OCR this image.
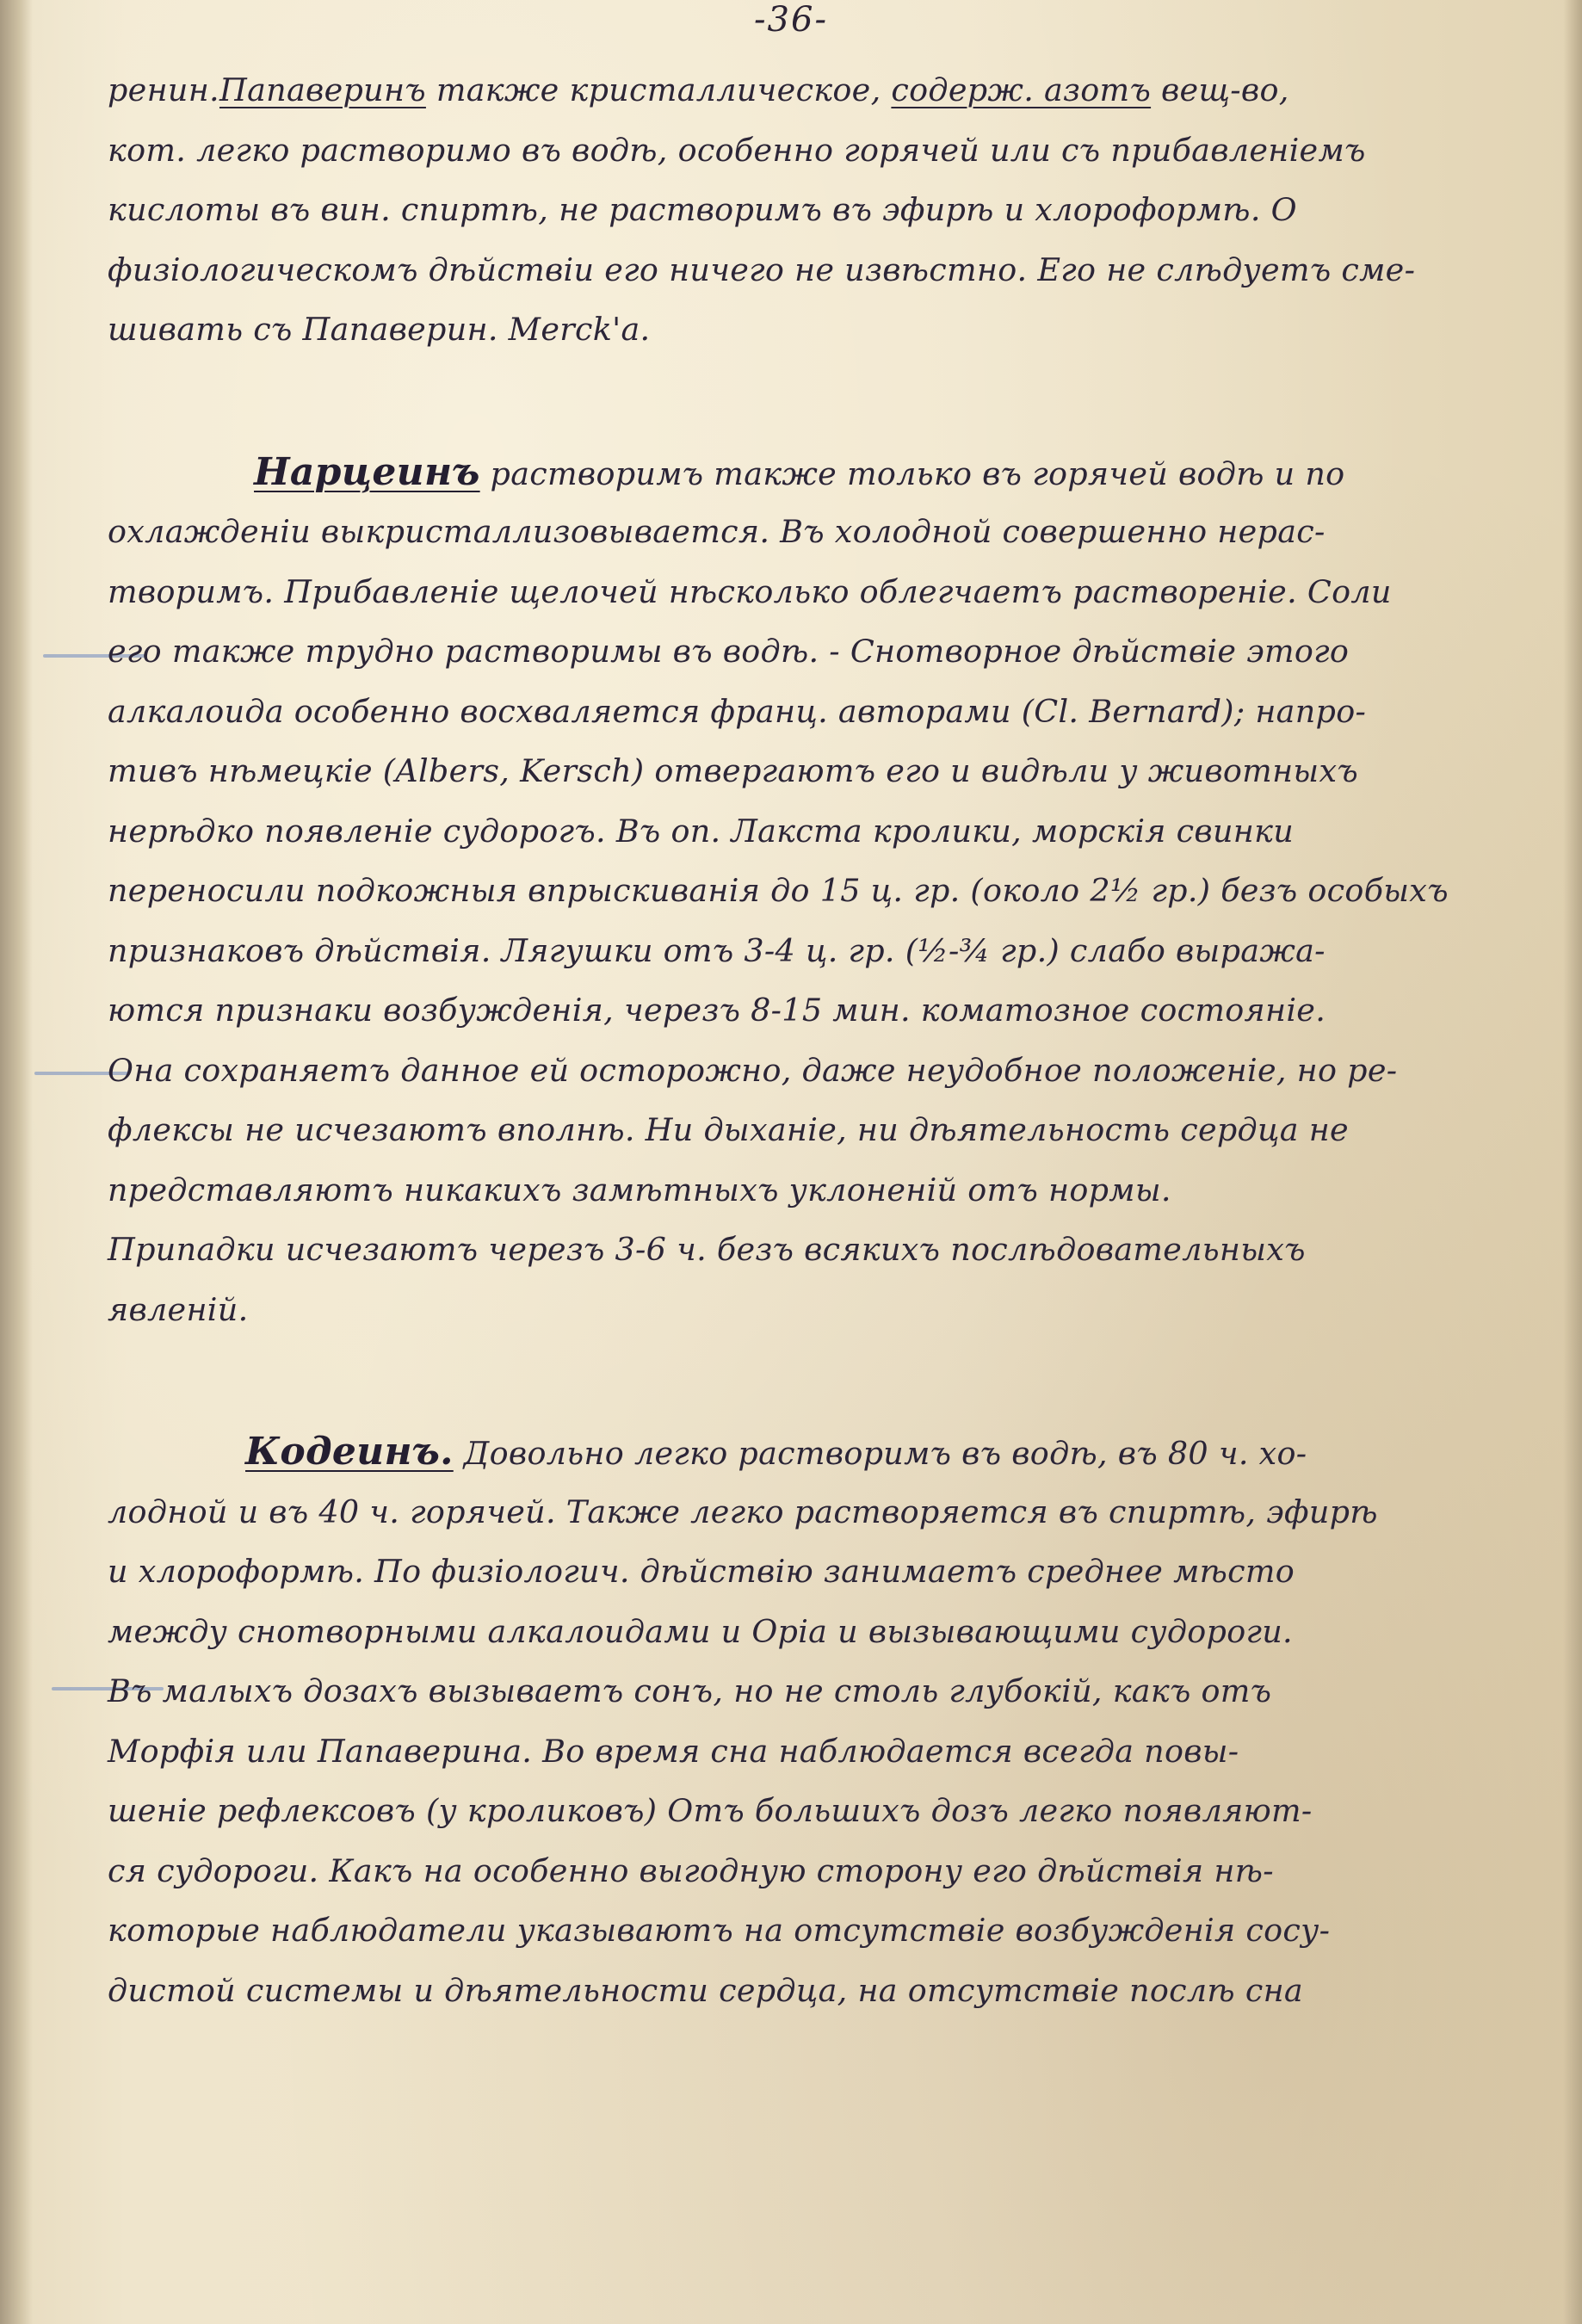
-36-
ренин.Папаверинъ также кристаллическое, содерж. азотъ вещ-во,
кот. легко растворимо въ водѣ, особенно горячей или съ прибавленіемъ
кислоты въ вин. спиртѣ, не растворимъ въ эфирѣ и хлороформѣ. О
физіологическомъ дѣйствіи его ничего не извѣстно. Его не слѣдуетъ сме-
шивать съ Папаверин. Merck'а.
Нарцеинъ растворимъ также только въ горячей водѣ и по
охлажденіи выкристаллизовывается. Въ холодной совершенно нерас-
творимъ. Прибавленіе щелочей нѣсколько облегчаетъ растворенie. Соли
его также трудно растворимы въ водѣ. - Снотворное дѣйствіе этого
алкалоида особенно восхваляется франц. авторами (Cl. Bernard); напро-
тивъ нѣмецкіе (Albers, Kersch) отвергаютъ его и видѣли у животныхъ
нерѣдко появленіе судорогъ. Въ оп. Лакста кролики, морскія свинки
переносили подкожныя впрыскиванія до 15 ц. гр. (около 2½ гр.) безъ особыхъ
признаковъ дѣйствія. Лягушки отъ 3-4 ц. гр. (½-¾ гр.) слабо выража-
ются признаки возбужденія, черезъ 8-15 мин. коматозное состояніе.
Она сохраняетъ данное ей осторожно, даже неудобное положеніе, но ре-
флексы не исчезаютъ вполнѣ. Ни дыханіе, ни дѣятельность сердца не
представляютъ никакихъ замѣтныхъ уклоненій отъ нормы.
Припадки исчезаютъ черезъ 3-6 ч. безъ всякихъ послѣдовательныхъ
явленій.
Кодеинъ. Довольно легко растворимъ въ водѣ, въ 80 ч. хо-
лодной и въ 40 ч. горячей. Также легко растворяется въ спиртѣ, эфирѣ
и хлороформѣ. По физiологич. дѣйствію занимаетъ среднее мѣсто
между снотворными алкалоидами и Opia и вызывающими судороги.
Въ малыхъ дозахъ вызываетъ сонъ, но не столь глубокій, какъ отъ
Морфія или Папаверина. Во время сна наблюдается всегда повы-
шеніе рефлексовъ (у кроликовъ) Отъ большихъ дозъ легко появляют-
ся судороги. Какъ на особенно выгодную сторону его дѣйствія нѣ-
которые наблюдатели указываютъ на отсутствіе возбужденія сосу-
дистой системы и дѣятельности сердца, на отсутствіе послѣ сна
